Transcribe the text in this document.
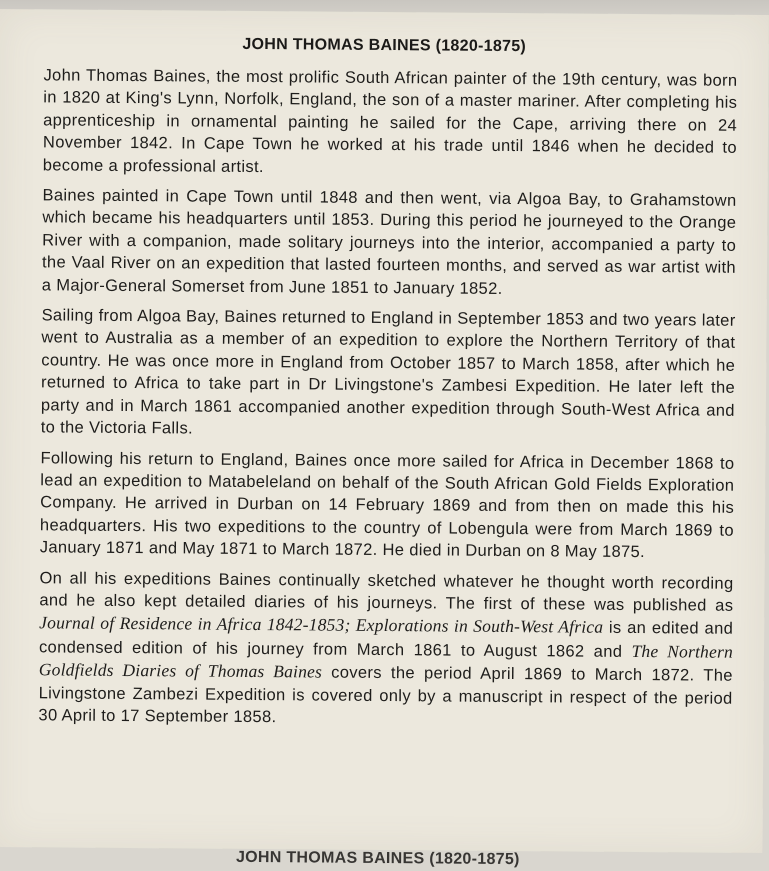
JOHN THOMAS BAINES (1820-1875)

John Thomas Baines, the most prolific South African painter of the 19th century, was born in 1820 at King's Lynn, Norfolk, England, the son of a master mariner. After completing his apprenticeship in ornamental painting he sailed for the Cape, arriving there on 24 November 1842. In Cape Town he worked at his trade until 1846 when he decided to become a professional artist.

Baines painted in Cape Town until 1848 and then went, via Algoa Bay, to Grahamstown which became his headquarters until 1853. During this period he journeyed to the Orange River with a companion, made solitary journeys into the interior, accompanied a party to the Vaal River on an expedition that lasted fourteen months, and served as war artist with a Major-General Somerset from June 1851 to January 1852.

Sailing from Algoa Bay, Baines returned to England in September 1853 and two years later went to Australia as a member of an expedition to explore the Northern Territory of that country. He was once more in England from October 1857 to March 1858, after which he returned to Africa to take part in Dr Livingstone's Zambesi Expedition. He later left the party and in March 1861 accompanied another expedition through South-West Africa and to the Victoria Falls.

Following his return to England, Baines once more sailed for Africa in December 1868 to lead an expedition to Matabeleland on behalf of the South African Gold Fields Exploration Company. He arrived in Durban on 14 February 1869 and from then on made this his headquarters. His two expeditions to the country of Lobengula were from March 1869 to January 1871 and May 1871 to March 1872. He died in Durban on 8 May 1875.

On all his expeditions Baines continually sketched whatever he thought worth recording and he also kept detailed diaries of his journeys. The first of these was published as Journal of Residence in Africa 1842-1853; Explorations in South-West Africa is an edited and condensed edition of his journey from March 1861 to August 1862 and The Northern Goldfields Diaries of Thomas Baines covers the period April 1869 to March 1872. The Livingstone Zambezi Expedition is covered only by a manuscript in respect of the period 30 April to 17 September 1858.

JOHN THOMAS BAINES (1820-1875)
